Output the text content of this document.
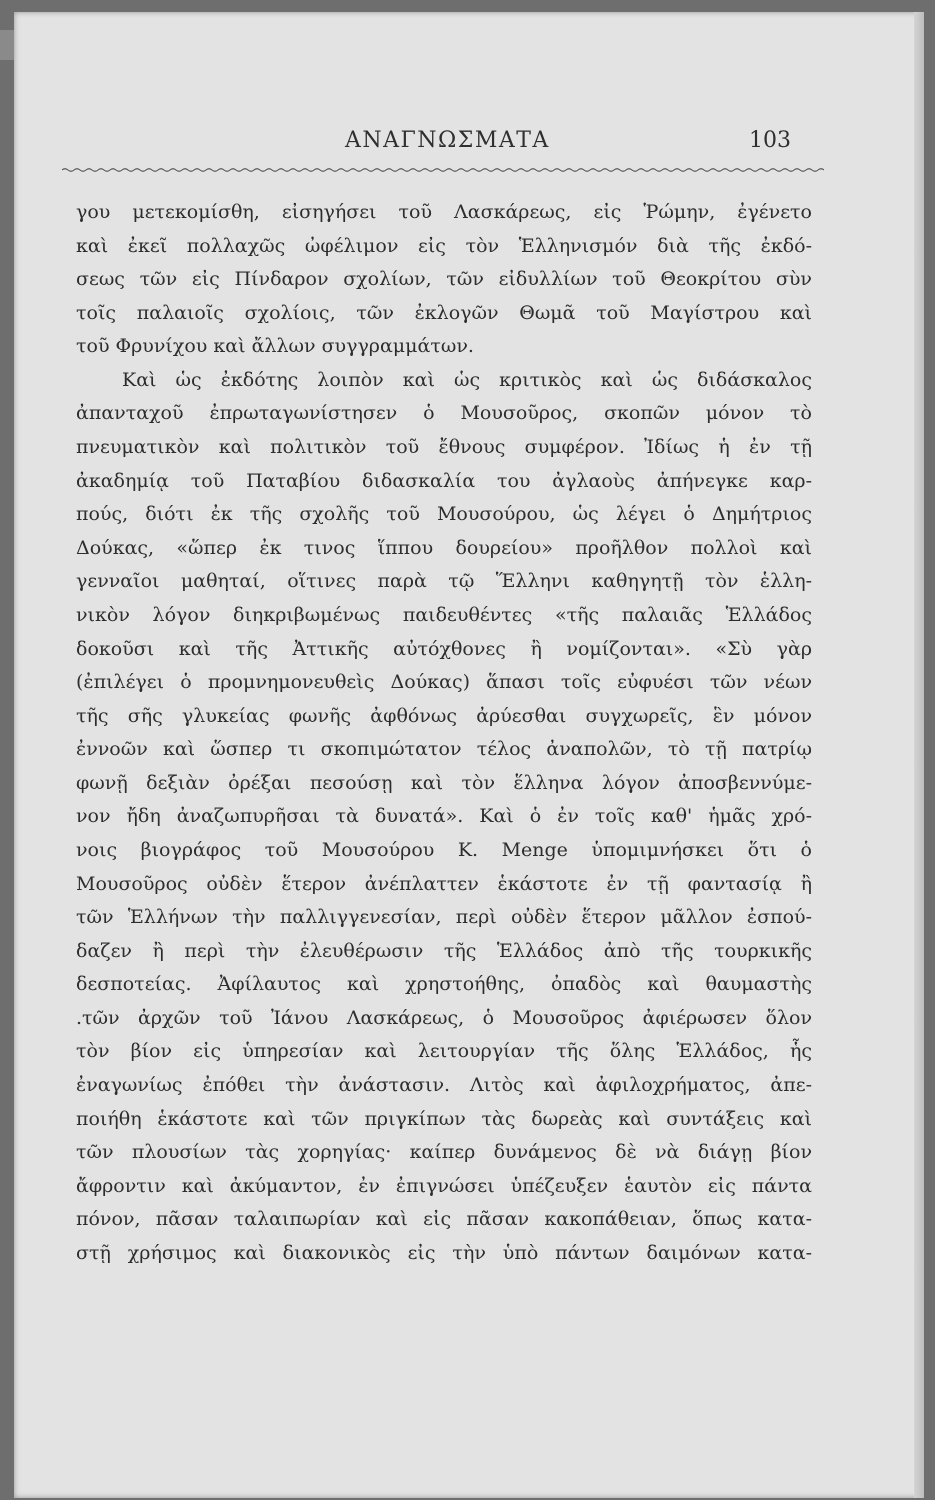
ΑΝΑΓΝΩΣΜΑΤΑ	103
γου μετεκομίσθη, εἰσηγήσει τοῦ Λασκάρεως, εἰς Ῥώμην, ἐγένετο
καὶ ἐκεῖ πολλαχῶς ὠφέλιμον εἰς τὸν Ἑλληνισμόν διὰ τῆς ἐκδό-
σεως τῶν εἰς Πίνδαρον σχολίων, τῶν εἰδυλλίων τοῦ Θεοκρίτου σὺν
τοῖς παλαιοῖς σχολίοις, τῶν ἐκλογῶν Θωμᾶ τοῦ Μαγίστρου καὶ
τοῦ Φρυνίχου καὶ ἄλλων συγγραμμάτων.
Καὶ ὡς ἐκδότης λοιπὸν καὶ ὡς κριτικὸς καὶ ὡς διδάσκαλος
ἀπανταχοῦ ἐπρωταγωνίστησεν ὁ Μουσοῦρος, σκοπῶν μόνον τὸ
πνευματικὸν καὶ πολιτικὸν τοῦ ἔθνους συμφέρον. Ἰδίως ἡ ἐν τῇ
ἀκαδημίᾳ τοῦ Παταβίου διδασκαλία του ἀγλαοὺς ἀπήνεγκε καρ-
πούς, διότι ἐκ τῆς σχολῆς τοῦ Μουσούρου, ὡς λέγει ὁ Δημήτριος
Δούκας, «ὥπερ ἐκ τινος ἵππου δουρείου» προῆλθον πολλοὶ καὶ
γενναῖοι μαθηταί, οἵτινες παρὰ τῷ Ἕλληνι καθηγητῇ τὸν ἑλλη-
νικὸν λόγον διηκριβωμένως παιδευθέντες «τῆς παλαιᾶς Ἑλλάδος
δοκοῦσι καὶ τῆς Ἀττικῆς αὐτόχθονες ἢ νομίζονται». «Σὺ γὰρ
(ἐπιλέγει ὁ προμνημονευθεὶς Δούκας) ἅπασι τοῖς εὐφυέσι τῶν νέων
τῆς σῆς γλυκείας φωνῆς ἀφθόνως ἀρύεσθαι συγχωρεῖς, ἓν μόνον
ἐννοῶν καὶ ὥσπερ τι σκοπιμώτατον τέλος ἀναπολῶν, τὸ τῇ πατρίῳ
φωνῇ δεξιὰν ὀρέξαι πεσούσῃ καὶ τὸν ἕλληνα λόγον ἀποσβεννύμε-
νον ἤδη ἀναζωπυρῆσαι τὰ δυνατά». Καὶ ὁ ἐν τοῖς καθ' ἡμᾶς χρό-
νοις βιογράφος τοῦ Μουσούρου Κ. Menge ὑπομιμνήσκει ὅτι ὁ
Μουσοῦρος οὐδὲν ἕτερον ἀνέπλαττεν ἑκάστοτε ἐν τῇ φαντασίᾳ ἢ
τῶν Ἑλλήνων τὴν παλλιγγενεσίαν, περὶ οὐδὲν ἕτερον μᾶλλον ἐσπού-
δαζεν ἢ περὶ τὴν ἐλευθέρωσιν τῆς Ἑλλάδος ἀπὸ τῆς τουρκικῆς
δεσποτείας. Ἀφίλαυτος καὶ χρηστοήθης, ὀπαδὸς καὶ θαυμαστὴς
.τῶν ἀρχῶν τοῦ Ἰάνου Λασκάρεως, ὁ Μουσοῦρος ἀφιέρωσεν ὅλον
τὸν βίον εἰς ὑπηρεσίαν καὶ λειτουργίαν τῆς ὅλης Ἑλλάδος, ἧς
ἐναγωνίως ἐπόθει τὴν ἀνάστασιν. Λιτὸς καὶ ἀφιλοχρήματος, ἀπε-
ποιήθη ἑκάστοτε καὶ τῶν πριγκίπων τὰς δωρεὰς καὶ συντάξεις καὶ
τῶν πλουσίων τὰς χορηγίας· καίπερ δυνάμενος δὲ νὰ διάγῃ βίον
ἄφροντιν καὶ ἀκύμαντον, ἐν ἐπιγνώσει ὑπέζευξεν ἑαυτὸν εἰς πάντα
πόνον, πᾶσαν ταλαιπωρίαν καὶ εἰς πᾶσαν κακοπάθειαν, ὅπως κατα-
στῇ χρήσιμος καὶ διακονικὸς εἰς τὴν ὑπὸ πάντων δαιμόνων κατα-
